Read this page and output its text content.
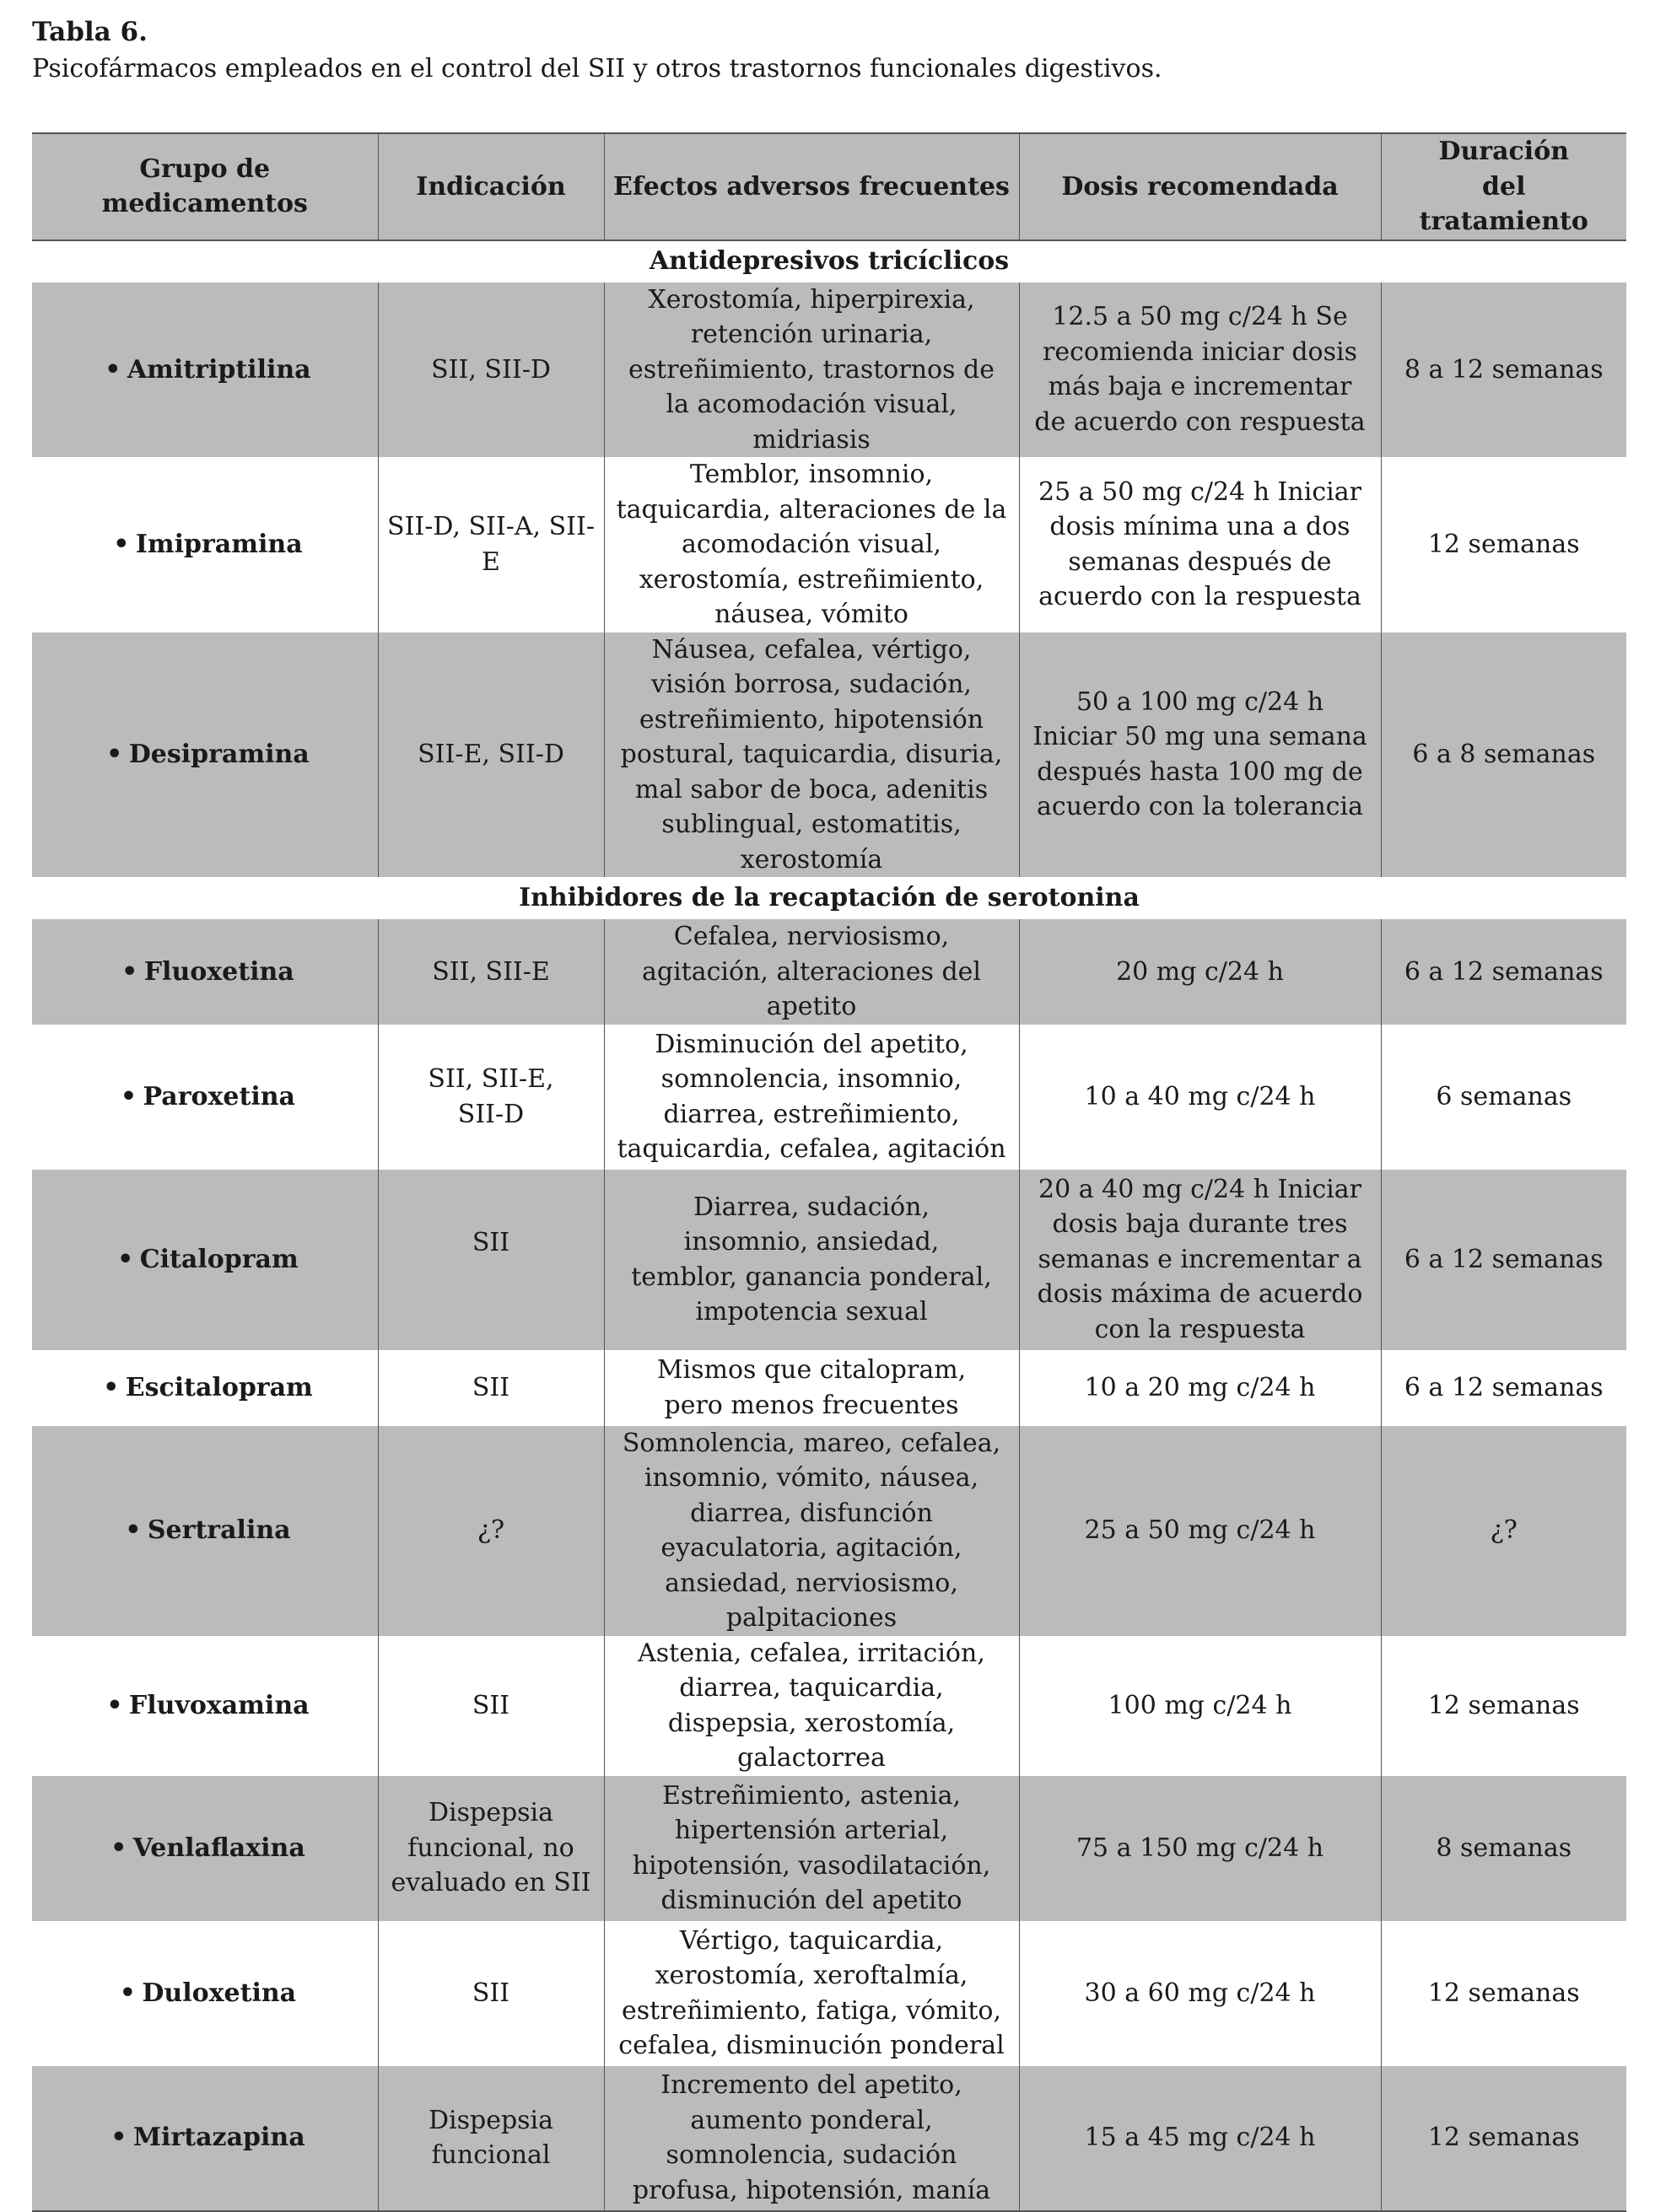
Tabla 6.
Psicofármacos empleados en el control del SII y otros trastornos funcionales digestivos.
Grupo de medicamentos	Indicación	Efectos adversos frecuentes	Dosis recomendada	Duración del tratamiento
Antidepresivos tricíclicos				
• Amitriptilina	SII, SII-D	Xerostomía, hiperpirexia, retención urinaria, estreñimiento, trastornos de la acomodación visual, midriasis	12.5 a 50 mg c/24 h Se recomienda iniciar dosis más baja e incrementar de acuerdo con respuesta	8 a 12 semanas
• Imipramina	SII-D, SII-A, SII-E	Temblor, insomnio, taquicardia, alteraciones de la acomodación visual, xerostomía, estreñimiento, náusea, vómito	25 a 50 mg c/24 h Iniciar dosis mínima una a dos semanas después de acuerdo con la respuesta	12 semanas
• Desipramina	SII-E, SII-D	Náusea, cefalea, vértigo, visión borrosa, sudación, estreñimiento, hipotensión postural, taquicardia, disuria, mal sabor de boca, adenitis sublingual, estomatitis, xerostomía	50 a 100 mg c/24 h Iniciar 50 mg una semana después hasta 100 mg de acuerdo con la tolerancia	6 a 8 semanas
Inhibidores de la recaptación de serotonina				
• Fluoxetina	SII, SII-E	Cefalea, nerviosismo, agitación, alteraciones del apetito	20 mg c/24 h	6 a 12 semanas
• Paroxetina	SII, SII-E, SII-D	Disminución del apetito, somnolencia, insomnio, diarrea, estreñimiento, taquicardia, cefalea, agitación	10 a 40 mg c/24 h	6 semanas
• Citalopram	SII	Diarrea, sudación, insomnio, ansiedad, temblor, ganancia ponderal, impotencia sexual	20 a 40 mg c/24 h Iniciar dosis baja durante tres semanas e incrementar a dosis máxima de acuerdo con la respuesta	6 a 12 semanas
• Escitalopram	SII	Mismos que citalopram, pero menos frecuentes	10 a 20 mg c/24 h	6 a 12 semanas
• Sertralina	¿?	Somnolencia, mareo, cefalea, insomnio, vómito, náusea, diarrea, disfunción eyaculatoria, agitación, ansiedad, nerviosismo, palpitaciones	25 a 50 mg c/24 h	¿?
• Fluvoxamina	SII	Astenia, cefalea, irritación, diarrea, taquicardia, dispepsia, xerostomía, galactorrea	100 mg c/24 h	12 semanas
• Venlaflaxina	Dispepsia funcional, no evaluado en SII	Estreñimiento, astenia, hipertensión arterial, hipotensión, vasodilatación, disminución del apetito	75 a 150 mg c/24 h	8 semanas
• Duloxetina	SII	Vértigo, taquicardia, xerostomía, xeroftalmía, estreñimiento, fatiga, vómito, cefalea, disminución ponderal	30 a 60 mg c/24 h	12 semanas
• Mirtazapina	Dispepsia funcional	Incremento del apetito, aumento ponderal, somnolencia, sudación profusa, hipotensión, manía	15 a 45 mg c/24 h	12 semanas
